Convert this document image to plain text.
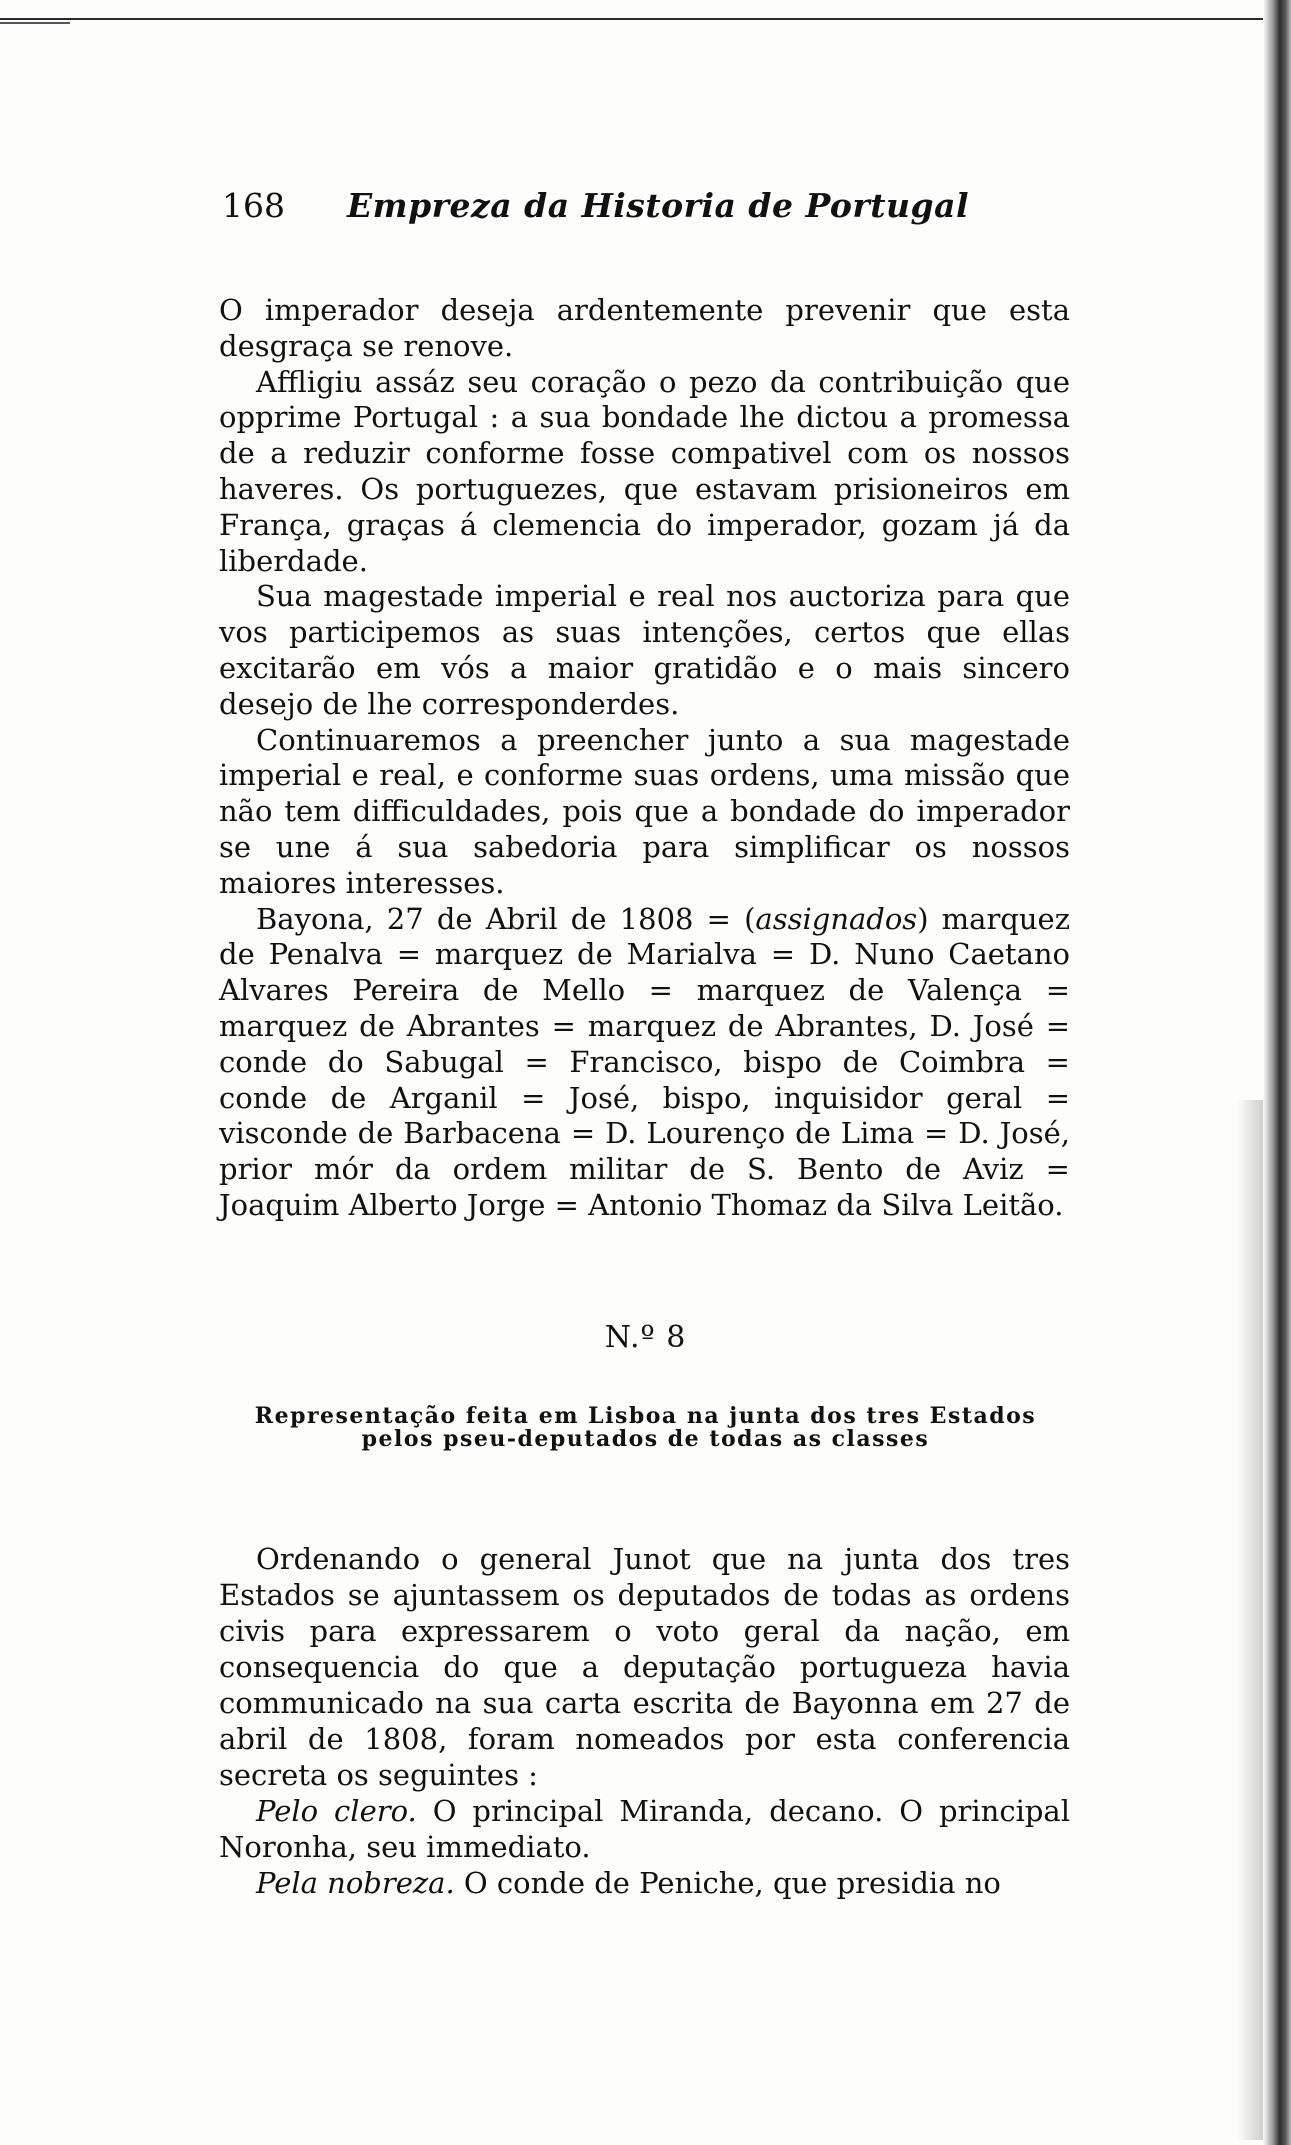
168 Empreza da Historia de Portugal

O imperador deseja ardentemente prevenir que esta desgraça se renove.

Affligiu assáz seu coração o pezo da contribuição que opprime Portugal : a sua bondade lhe dictou a promessa de a reduzir conforme fosse compativel com os nossos haveres. Os portuguezes, que estavam prisioneiros em França, graças á clemencia do imperador, gozam já da liberdade.

Sua magestade imperial e real nos auctoriza para que vos participemos as suas intenções, certos que ellas excitarão em vós a maior gratidão e o mais sincero desejo de lhe corresponderdes.

Continuaremos a preencher junto a sua magestade imperial e real, e conforme suas ordens, uma missão que não tem difficuldades, pois que a bondade do imperador se une á sua sabedoria para simplificar os nossos maiores interesses.

Bayona, 27 de Abril de 1808 = (assignados) marquez de Penalva = marquez de Marialva = D. Nuno Caetano Alvares Pereira de Mello = marquez de Valença = marquez de Abrantes = marquez de Abrantes, D. José = conde do Sabugal = Francisco, bispo de Coimbra = conde de Arganil = José, bispo, inquisidor geral = visconde de Barbacena = D. Lourenço de Lima = D. José, prior mór da ordem militar de S. Bento de Aviz = Joaquim Alberto Jorge = Antonio Thomaz da Silva Leitão.

N.º 8
Representação feita em Lisboa na junta dos tres Estados pelos pseu-deputados de todas as classes

Ordenando o general Junot que na junta dos tres Estados se ajuntassem os deputados de todas as ordens civis para expressarem o voto geral da nação, em consequencia do que a deputação portugueza havia communicado na sua carta escrita de Bayonna em 27 de abril de 1808, foram nomeados por esta conferencia secreta os seguintes :

Pelo clero. O principal Miranda, decano. O principal Noronha, seu immediato.

Pela nobreza. O conde de Peniche, que presidia no
